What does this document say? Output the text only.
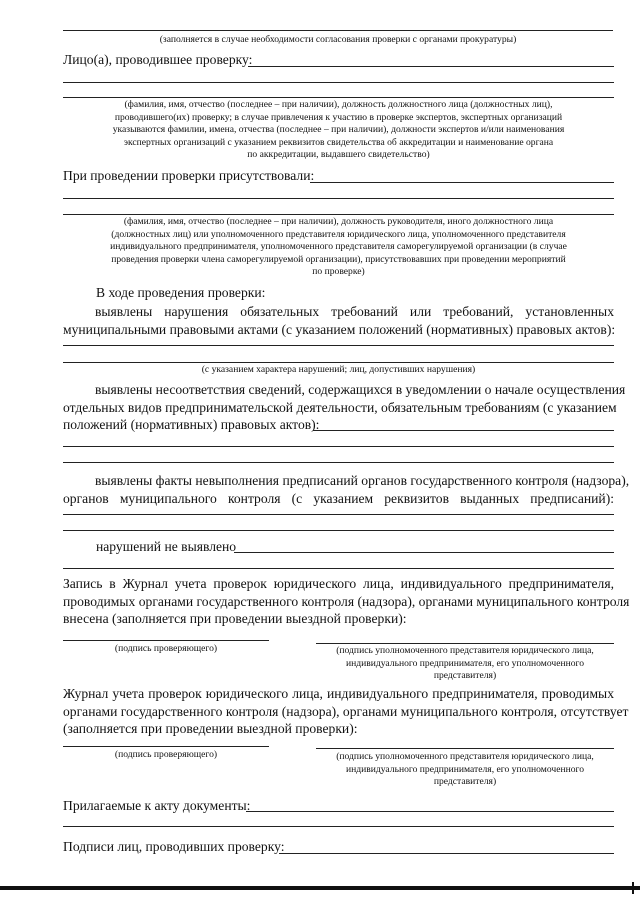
(заполняется в случае необходимости согласования проверки с органами прокуратуры)
Лицо(а), проводившее проверку:
(фамилия, имя, отчество (последнее – при наличии), должность должностного лица (должностных лиц),
проводившего(их) проверку; в случае привлечения к участию в проверке экспертов, экспертных организаций
указываются фамилии, имена, отчества (последнее – при наличии), должности экспертов и/или наименования
экспертных организаций с указанием реквизитов свидетельства об аккредитации и наименование органа
по аккредитации, выдавшего свидетельство)
При проведении проверки присутствовали:
(фамилия, имя, отчество (последнее – при наличии), должность руководителя, иного должностного лица
(должностных лиц) или уполномоченного представителя юридического лица, уполномоченного представителя
индивидуального предпринимателя, уполномоченного представителя саморегулируемой организации (в случае
проведения проверки члена саморегулируемой организации), присутствовавших при проведении мероприятий
по проверке)
В ходе проведения проверки:
выявлены нарушения обязательных требований или требований, установленных
муниципальными правовыми актами (с указанием положений (нормативных) правовых актов):
(с указанием характера нарушений; лиц, допустивших нарушения)
выявлены несоответствия сведений, содержащихся в уведомлении о начале осуществления
отдельных видов предпринимательской деятельности, обязательным требованиям (с указанием
положений (нормативных) правовых актов):
выявлены факты невыполнения предписаний органов государственного контроля (надзора),
органов муниципального контроля (с указанием реквизитов выданных предписаний):
нарушений не выявлено
Запись в Журнал учета проверок юридического лица, индивидуального предпринимателя,
проводимых органами государственного контроля (надзора), органами муниципального контроля
внесена (заполняется при проведении выездной проверки):
(подпись проверяющего)	(подпись уполномоченного представителя юридического лица,
индивидуального предпринимателя, его уполномоченного
представителя)
Журнал учета проверок юридического лица, индивидуального предпринимателя, проводимых
органами государственного контроля (надзора), органами муниципального контроля, отсутствует
(заполняется при проведении выездной проверки):
(подпись проверяющего)	(подпись уполномоченного представителя юридического лица,
индивидуального предпринимателя, его уполномоченного
представителя)
Прилагаемые к акту документы:
Подписи лиц, проводивших проверку:
